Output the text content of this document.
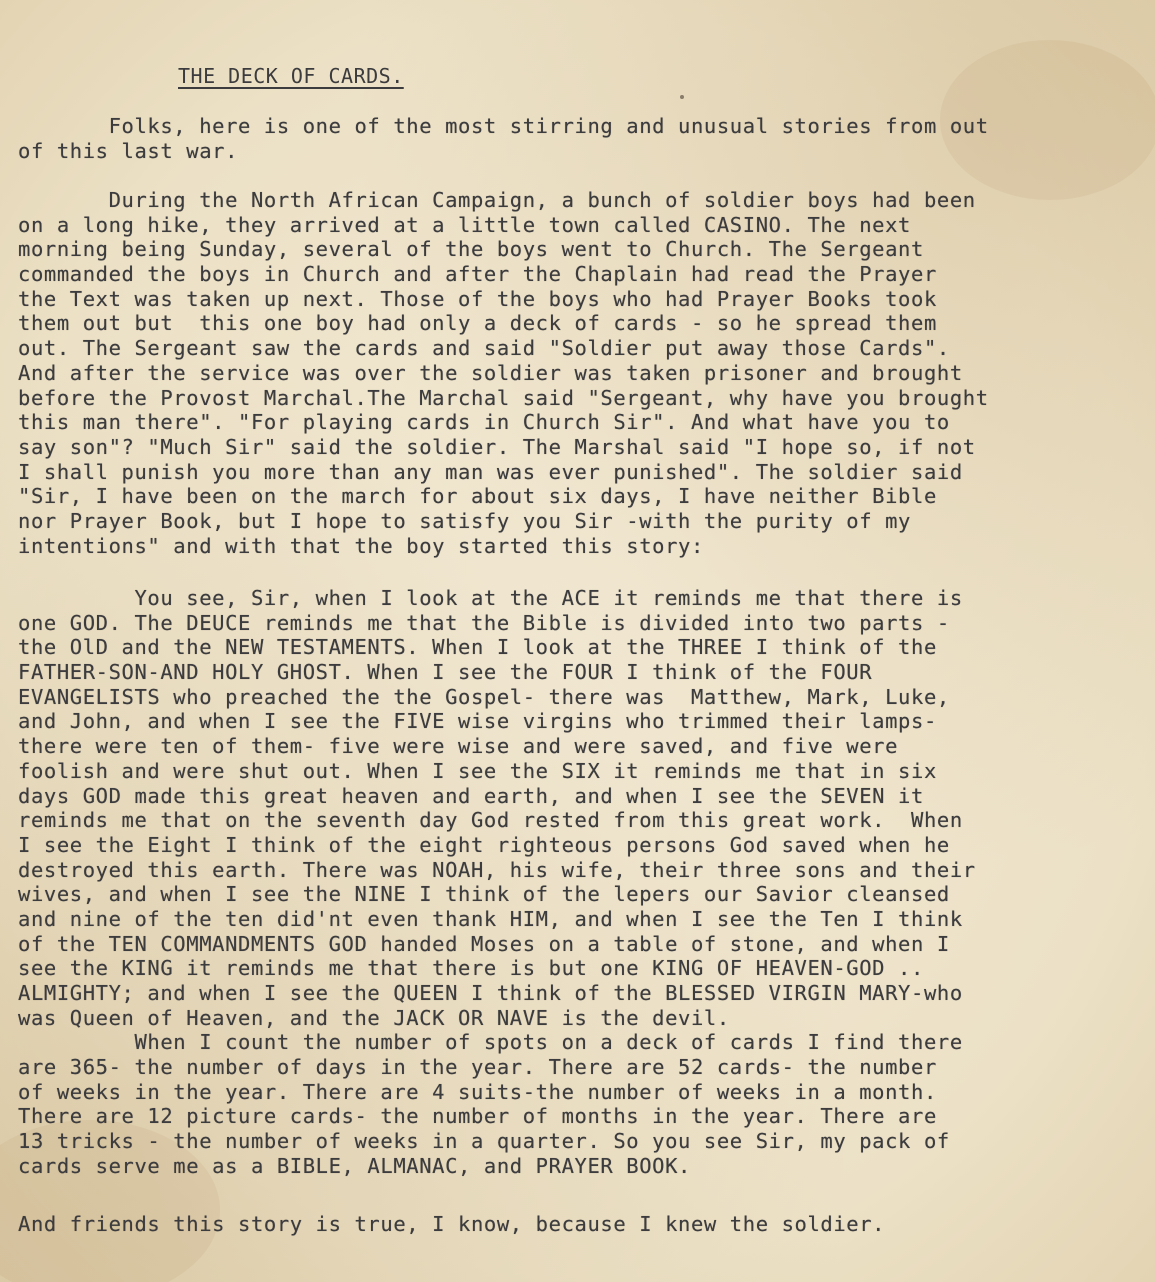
THE DECK OF CARDS.
Folks, here is one of the most stirring and unusual stories from out
of this last war.
During the North African Campaign, a bunch of soldier boys had been
on a long hike, they arrived at a little town called CASINO. The next
morning being Sunday, several of the boys went to Church. The Sergeant
commanded the boys in Church and after the Chaplain had read the Prayer
the Text was taken up next. Those of the boys who had Prayer Books took
them out but  this one boy had only a deck of cards - so he spread them
out. The Sergeant saw the cards and said "Soldier put away those Cards".
And after the service was over the soldier was taken prisoner and brought
before the Provost Marchal.The Marchal said "Sergeant, why have you brought
this man there". "For playing cards in Church Sir". And what have you to
say son"? "Much Sir" said the soldier. The Marshal said "I hope so, if not
I shall punish you more than any man was ever punished". The soldier said
"Sir, I have been on the march for about six days, I have neither Bible
nor Prayer Book, but I hope to satisfy you Sir -with the purity of my
intentions" and with that the boy started this story:
You see, Sir, when I look at the ACE it reminds me that there is
one GOD. The DEUCE reminds me that the Bible is divided into two parts -
the OlD and the NEW TESTAMENTS. When I look at the THREE I think of the
FATHER-SON-AND HOLY GHOST. When I see the FOUR I think of the FOUR
EVANGELISTS who preached the the Gospel- there was  Matthew, Mark, Luke,
and John, and when I see the FIVE wise virgins who trimmed their lamps-
there were ten of them- five were wise and were saved, and five were
foolish and were shut out. When I see the SIX it reminds me that in six
days GOD made this great heaven and earth, and when I see the SEVEN it
reminds me that on the seventh day God rested from this great work.  When
I see the Eight I think of the eight righteous persons God saved when he
destroyed this earth. There was NOAH, his wife, their three sons and their
wives, and when I see the NINE I think of the lepers our Savior cleansed
and nine of the ten did'nt even thank HIM, and when I see the Ten I think
of the TEN COMMANDMENTS GOD handed Moses on a table of stone, and when I
see the KING it reminds me that there is but one KING OF HEAVEN-GOD ..
ALMIGHTY; and when I see the QUEEN I think of the BLESSED VIRGIN MARY-who
was Queen of Heaven, and the JACK OR NAVE is the devil.
When I count the number of spots on a deck of cards I find there
are 365- the number of days in the year. There are 52 cards- the number
of weeks in the year. There are 4 suits-the number of weeks in a month.
There are 12 picture cards- the number of months in the year. There are
13 tricks - the number of weeks in a quarter. So you see Sir, my pack of
cards serve me as a BIBLE, ALMANAC, and PRAYER BOOK.
And friends this story is true, I know, because I knew the soldier.
